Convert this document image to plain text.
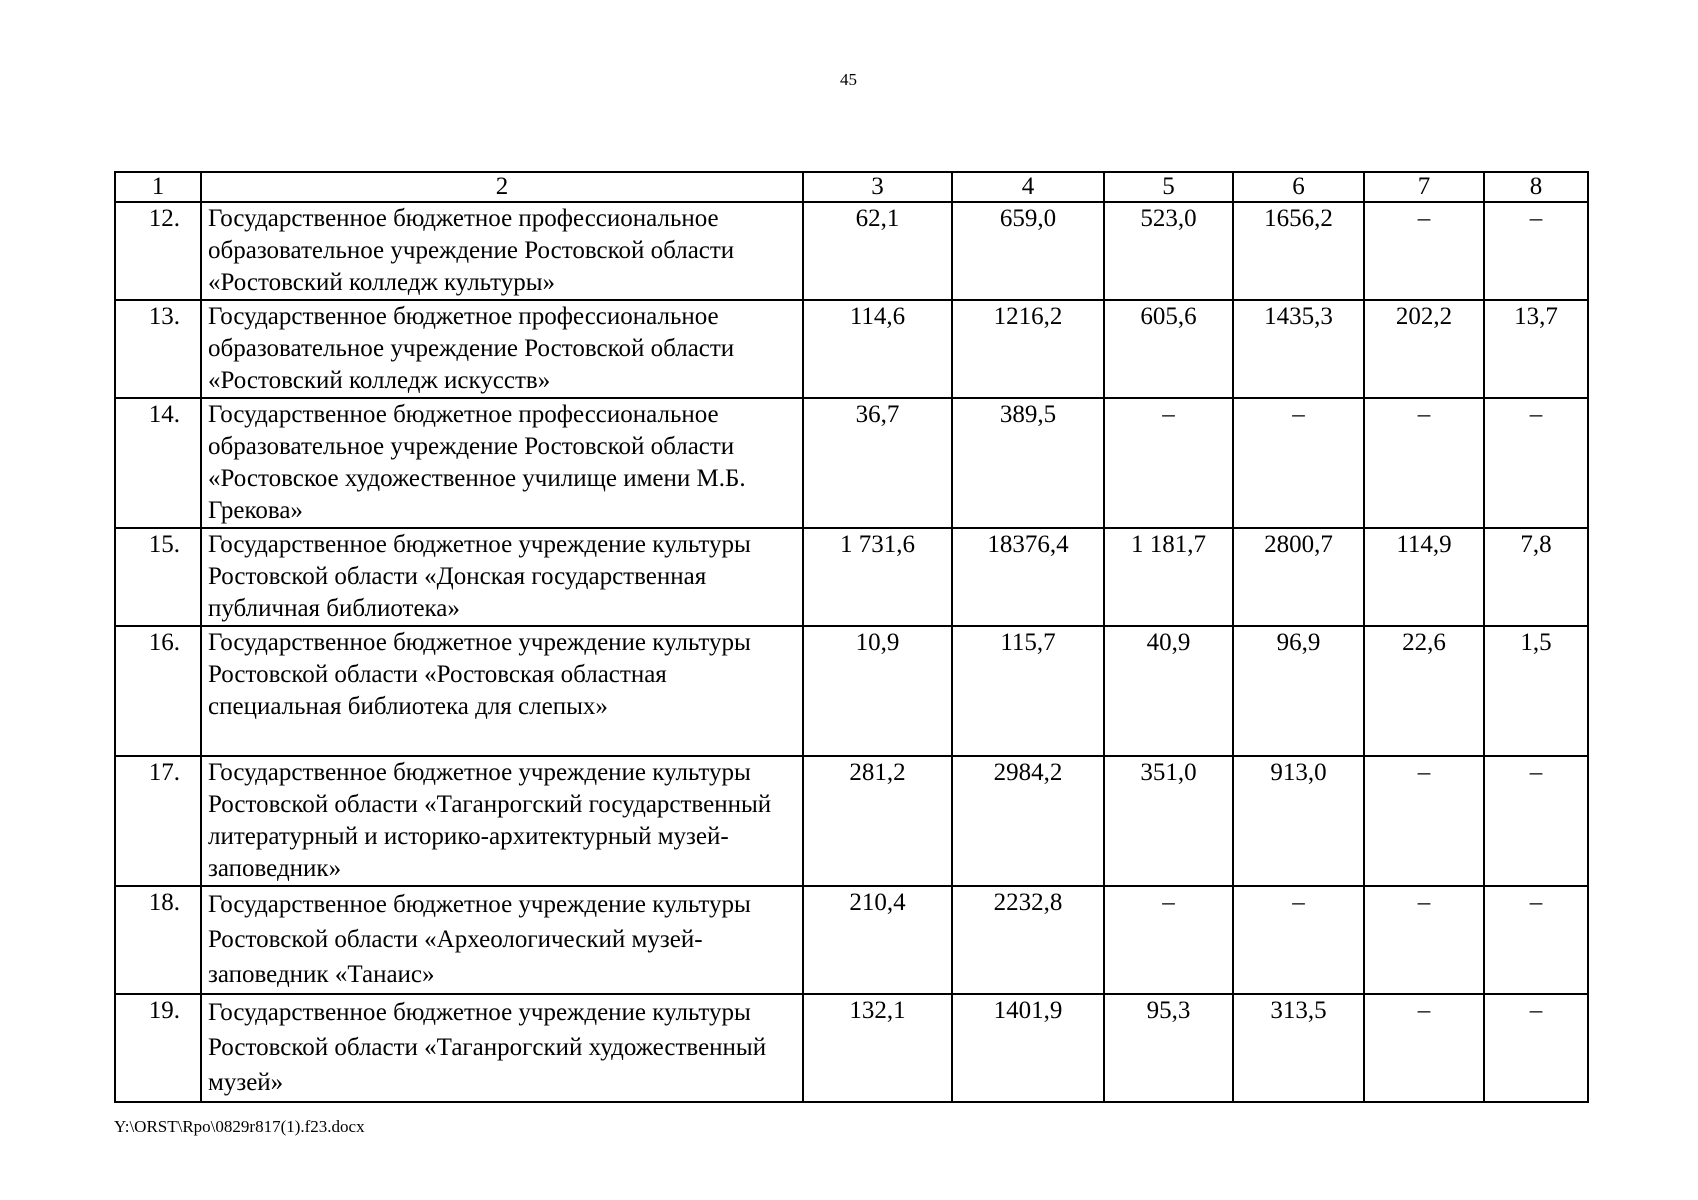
45
1	2	3	4	5	6	7	8
12.	Государственное бюджетное профессиональное образовательное учреждение Ростовской области «Ростовский колледж культуры»	62,1	659,0	523,0	1656,2	–	–
13.	Государственное бюджетное профессиональное образовательное учреждение Ростовской области «Ростовский колледж искусств»	114,6	1216,2	605,6	1435,3	202,2	13,7
14.	Государственное бюджетное профессиональное образовательное учреждение Ростовской области «Ростовское художественное училище имени М.Б. Грекова»	36,7	389,5	–	–	–	–
15.	Государственное бюджетное учреждение культуры Ростовской области «Донская государственная публичная библиотека»	1 731,6	18376,4	1 181,7	2800,7	114,9	7,8
16.	Государственное бюджетное учреждение культуры Ростовской области «Ростовская областная специальная библиотека для слепых»	10,9	115,7	40,9	96,9	22,6	1,5
17.	Государственное бюджетное учреждение культуры Ростовской области «Таганрогский государственный литературный и историко-архитектурный музей-заповедник»	281,2	2984,2	351,0	913,0	–	–
18.	Государственное бюджетное учреждение культуры Ростовской области «Археологический музей-заповедник «Танаис»	210,4	2232,8	–	–	–	–
19.	Государственное бюджетное учреждение культуры Ростовской области «Таганрогский художественный музей»	132,1	1401,9	95,3	313,5	–	–
Y:\ORST\Rpo\0829r817(1).f23.docx
